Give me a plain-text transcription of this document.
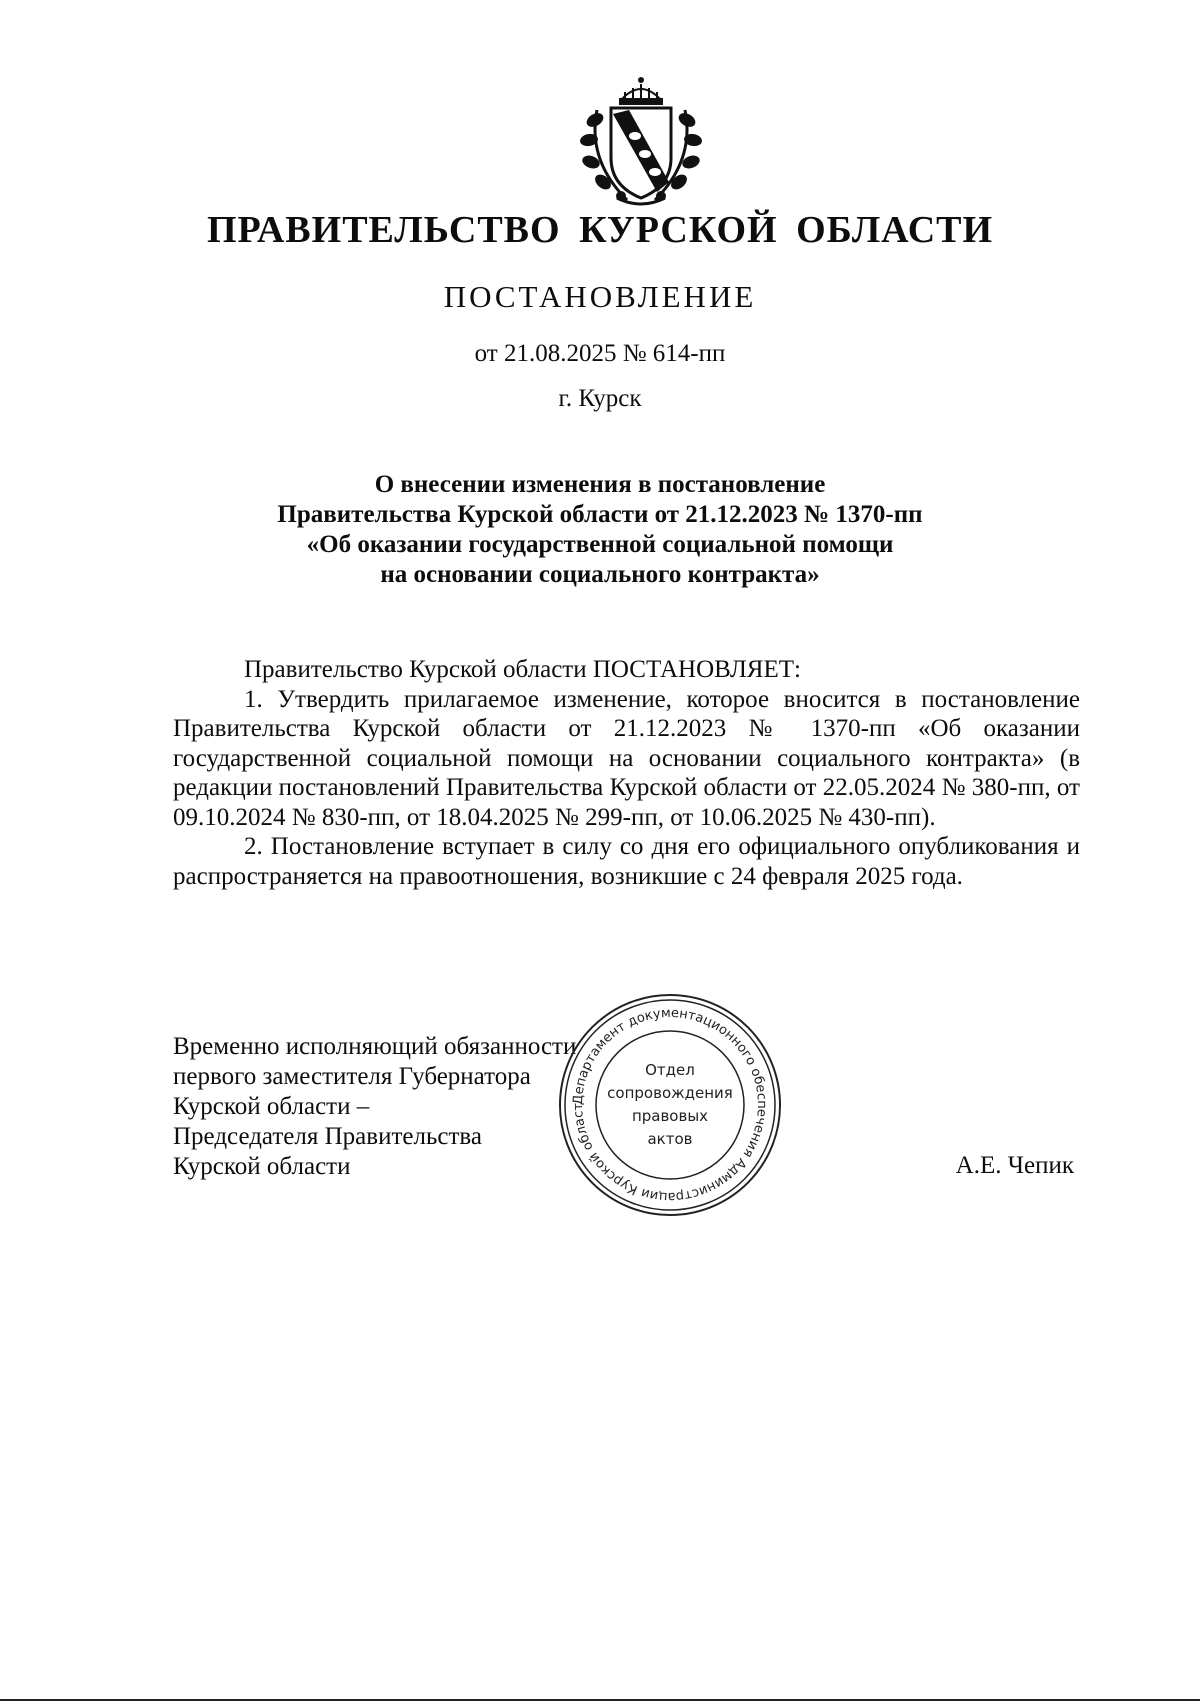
ПРАВИТЕЛЬСТВО КУРСКОЙ ОБЛАСТИ
ПОСТАНОВЛЕНИЕ
от 21.08.2025 № 614-пп
г. Курск
О внесении изменения в постановление
Правительства Курской области от 21.12.2023 № 1370-пп
«Об оказании государственной социальной помощи
на основании социального контракта»

Правительство Курской области ПОСТАНОВЛЯЕТ:

1. Утвердить прилагаемое изменение, которое вносится в постановление Правительства Курской области от 21.12.2023 № 1370-пп «Об оказании государственной социальной помощи на основании социального контракта» (в редакции постановлений Правительства Курской области от 22.05.2024 № 380-пп, от 09.10.2024 № 830-пп, от 18.04.2025 № 299-пп, от 10.06.2025 № 430-пп).

2. Постановление вступает в силу со дня его официального опубликования и распространяется на правоотношения, возникшие с 24 февраля 2025 года.

Временно исполняющий обязанности
первого заместителя Губернатора
Курской области –
Председателя Правительства
Курской области
Департамент документационного обеспечения Администрации Курской област
Отдел
сопровождения
правовых
актов
А.Е. Чепик
